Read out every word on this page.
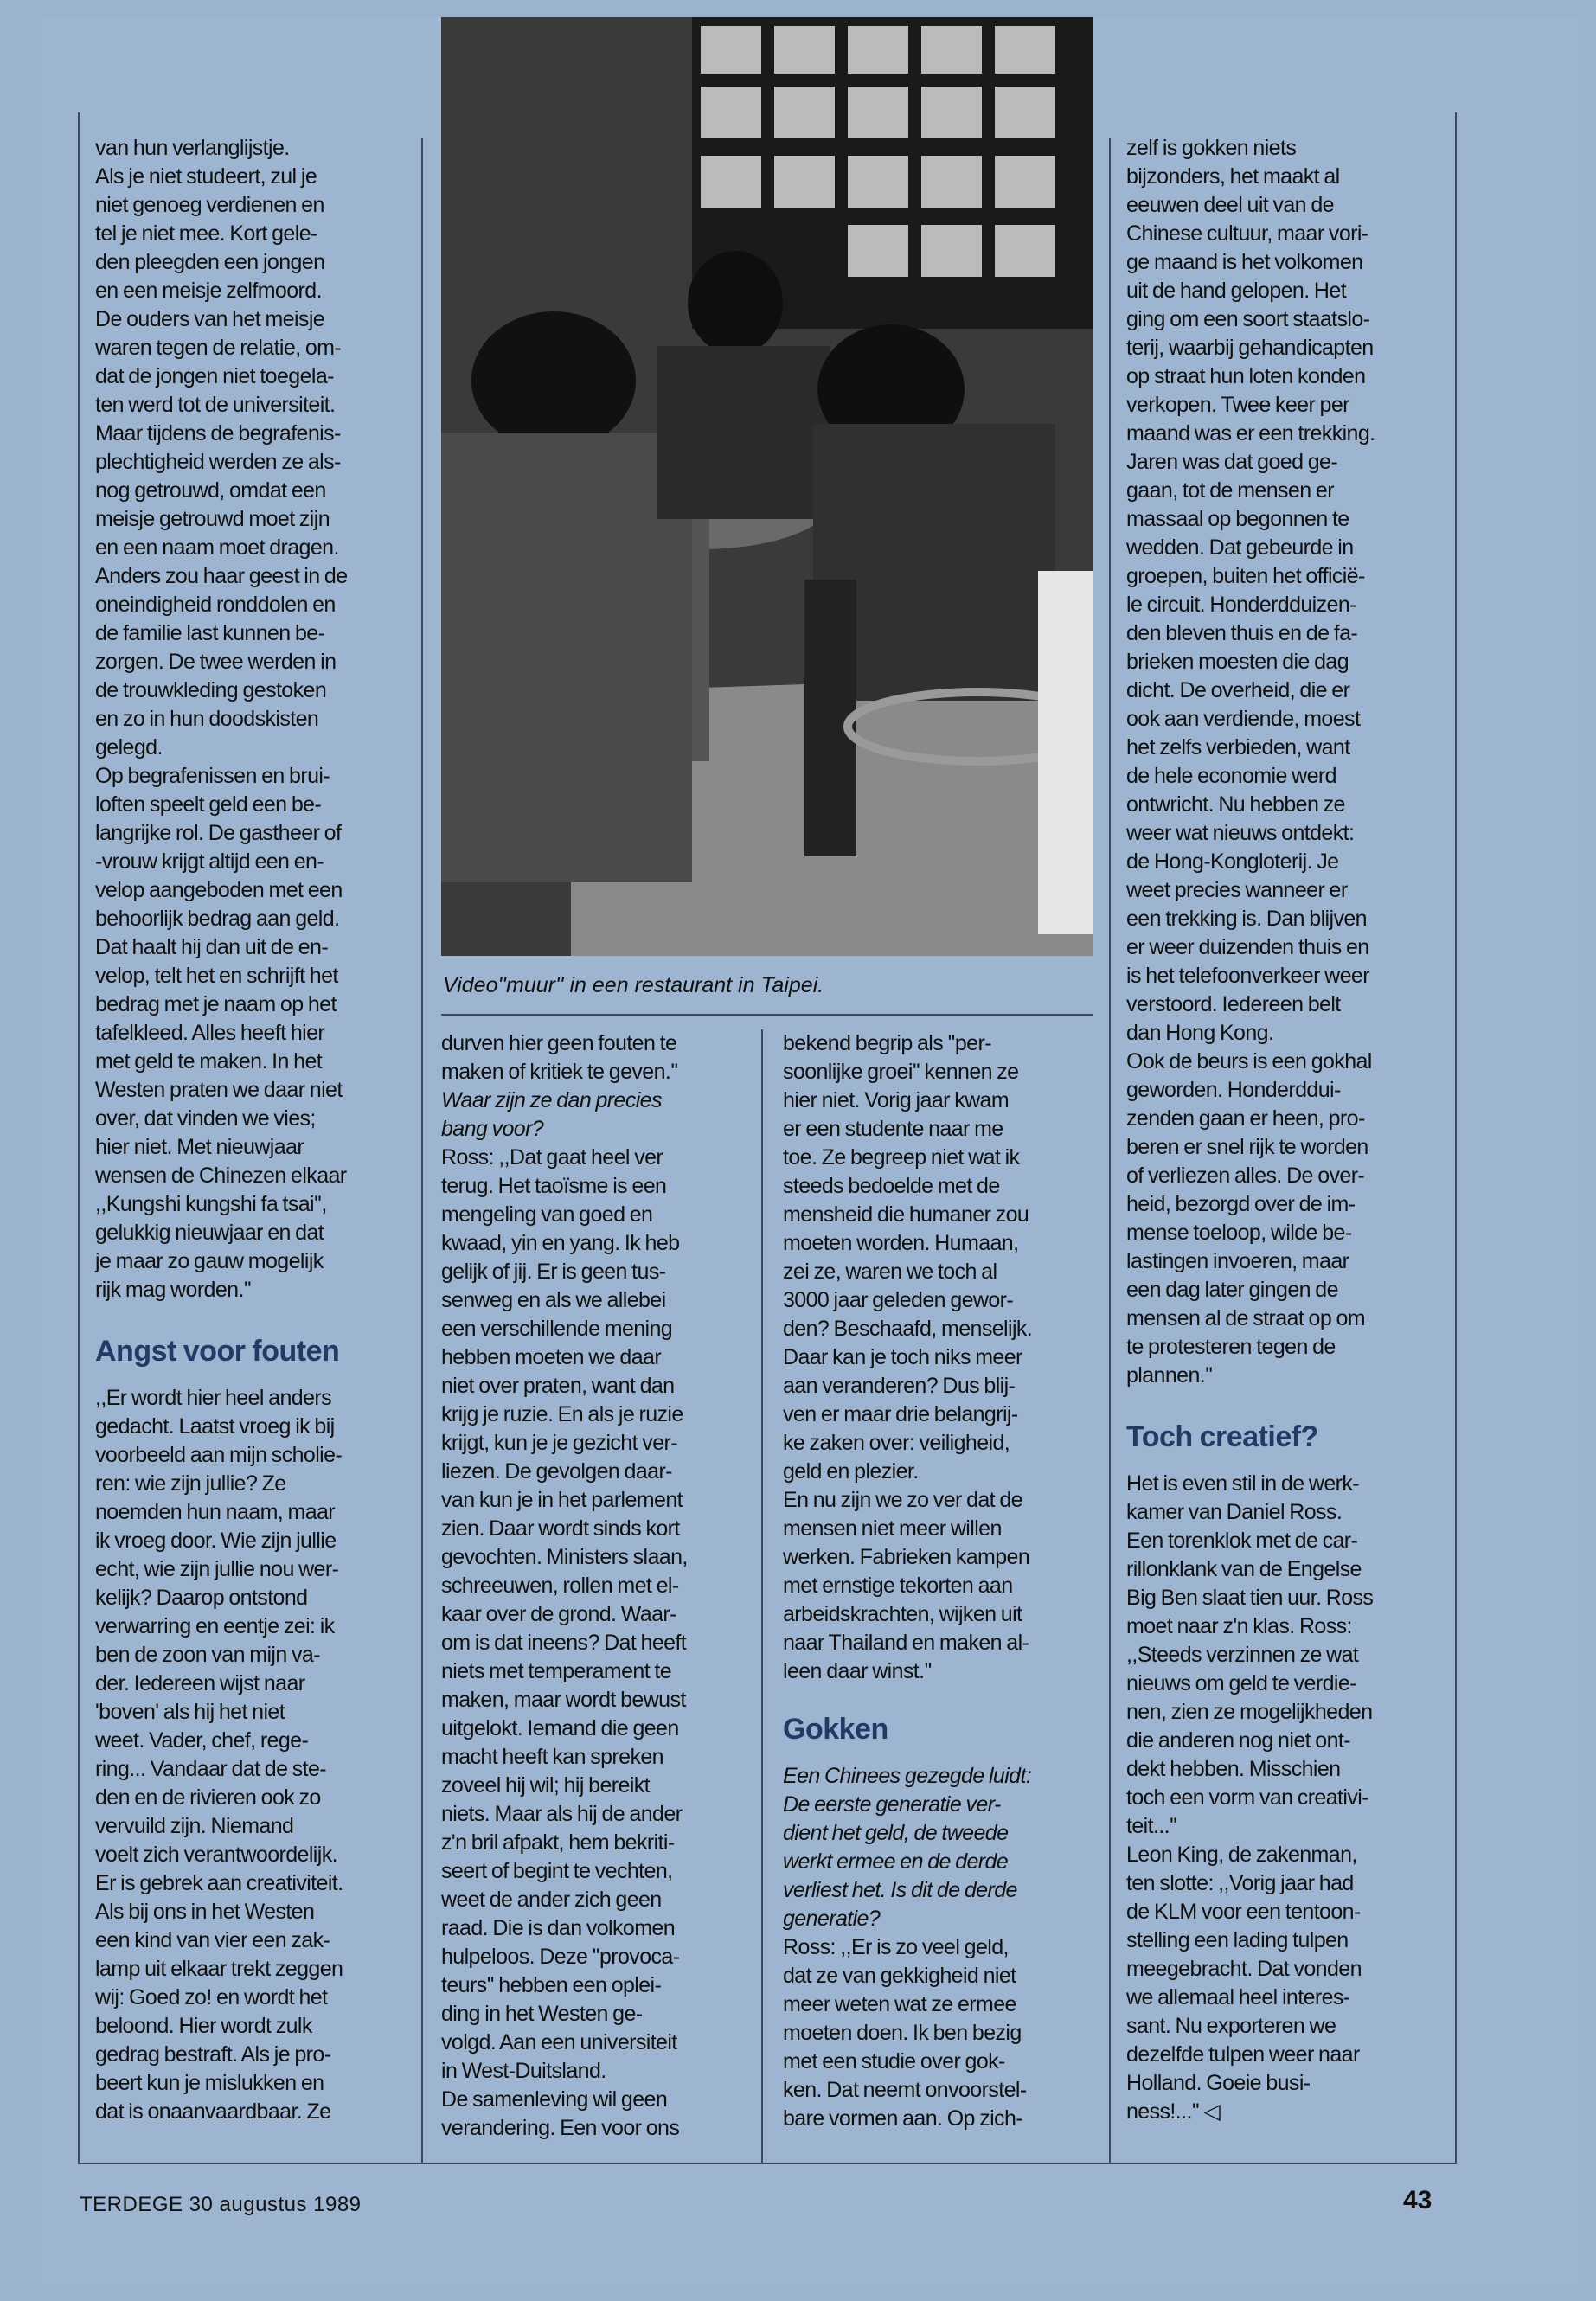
Video''muur'' in een restaurant in Taipei.

van hun verlanglijstje.

Als je niet studeert, zul je

niet genoeg verdienen en

tel je niet mee. Kort gele-

den pleegden een jongen

en een meisje zelfmoord.

De ouders van het meisje

waren tegen de relatie, om-

dat de jongen niet toegela-

ten werd tot de universiteit.

Maar tijdens de begrafenis-

plechtigheid werden ze als-

nog getrouwd, omdat een

meisje getrouwd moet zijn

en een naam moet dragen.

Anders zou haar geest in de

oneindigheid ronddolen en

de familie last kunnen be-

zorgen. De twee werden in

de trouwkleding gestoken

en zo in hun doodskisten

gelegd.

Op begrafenissen en brui-

loften speelt geld een be-

langrijke rol. De gastheer of

-vrouw krijgt altijd een en-

velop aangeboden met een

behoorlijk bedrag aan geld.

Dat haalt hij dan uit de en-

velop, telt het en schrijft het

bedrag met je naam op het

tafelkleed. Alles heeft hier

met geld te maken. In het

Westen praten we daar niet

over, dat vinden we vies;

hier niet. Met nieuwjaar

wensen de Chinezen elkaar

,,Kungshi kungshi fa tsai'',

gelukkig nieuwjaar en dat

je maar zo gauw mogelijk

rijk mag worden.''

Angst voor fouten

,,Er wordt hier heel anders

gedacht. Laatst vroeg ik bij

voorbeeld aan mijn scholie-

ren: wie zijn jullie? Ze

noemden hun naam, maar

ik vroeg door. Wie zijn jullie

echt, wie zijn jullie nou wer-

kelijk? Daarop ontstond

verwarring en eentje zei: ik

ben de zoon van mijn va-

der. Iedereen wijst naar

'boven' als hij het niet

weet. Vader, chef, rege-

ring... Vandaar dat de ste-

den en de rivieren ook zo

vervuild zijn. Niemand

voelt zich verantwoordelijk.

Er is gebrek aan creativiteit.

Als bij ons in het Westen

een kind van vier een zak-

lamp uit elkaar trekt zeggen

wij: Goed zo! en wordt het

beloond. Hier wordt zulk

gedrag bestraft. Als je pro-

beert kun je mislukken en

dat is onaanvaardbaar. Ze

durven hier geen fouten te

maken of kritiek te geven.''

Waar zijn ze dan precies

bang voor?

Ross: ,,Dat gaat heel ver

terug. Het taoïsme is een

mengeling van goed en

kwaad, yin en yang. Ik heb

gelijk of jij. Er is geen tus-

senweg en als we allebei

een verschillende mening

hebben moeten we daar

niet over praten, want dan

krijg je ruzie. En als je ruzie

krijgt, kun je je gezicht ver-

liezen. De gevolgen daar-

van kun je in het parlement

zien. Daar wordt sinds kort

gevochten. Ministers slaan,

schreeuwen, rollen met el-

kaar over de grond. Waar-

om is dat ineens? Dat heeft

niets met temperament te

maken, maar wordt bewust

uitgelokt. Iemand die geen

macht heeft kan spreken

zoveel hij wil; hij bereikt

niets. Maar als hij de ander

z'n bril afpakt, hem bekriti-

seert of begint te vechten,

weet de ander zich geen

raad. Die is dan volkomen

hulpeloos. Deze ''provoca-

teurs'' hebben een oplei-

ding in het Westen ge-

volgd. Aan een universiteit

in West-Duitsland.

De samenleving wil geen

verandering. Een voor ons

bekend begrip als ''per-

soonlijke groei'' kennen ze

hier niet. Vorig jaar kwam

er een studente naar me

toe. Ze begreep niet wat ik

steeds bedoelde met de

mensheid die humaner zou

moeten worden. Humaan,

zei ze, waren we toch al

3000 jaar geleden gewor-

den? Beschaafd, menselijk.

Daar kan je toch niks meer

aan veranderen? Dus blij-

ven er maar drie belangrij-

ke zaken over: veiligheid,

geld en plezier.

En nu zijn we zo ver dat de

mensen niet meer willen

werken. Fabrieken kampen

met ernstige tekorten aan

arbeidskrachten, wijken uit

naar Thailand en maken al-

leen daar winst.''

Gokken

Een Chinees gezegde luidt:

De eerste generatie ver-

dient het geld, de tweede

werkt ermee en de derde

verliest het. Is dit de derde

generatie?

Ross: ,,Er is zo veel geld,

dat ze van gekkigheid niet

meer weten wat ze ermee

moeten doen. Ik ben bezig

met een studie over gok-

ken. Dat neemt onvoorstel-

bare vormen aan. Op zich-

zelf is gokken niets

bijzonders, het maakt al

eeuwen deel uit van de

Chinese cultuur, maar vori-

ge maand is het volkomen

uit de hand gelopen. Het

ging om een soort staatslo-

terij, waarbij gehandicapten

op straat hun loten konden

verkopen. Twee keer per

maand was er een trekking.

Jaren was dat goed ge-

gaan, tot de mensen er

massaal op begonnen te

wedden. Dat gebeurde in

groepen, buiten het officië-

le circuit. Honderdduizen-

den bleven thuis en de fa-

brieken moesten die dag

dicht. De overheid, die er

ook aan verdiende, moest

het zelfs verbieden, want

de hele economie werd

ontwricht. Nu hebben ze

weer wat nieuws ontdekt:

de Hong-Kongloterij. Je

weet precies wanneer er

een trekking is. Dan blijven

er weer duizenden thuis en

is het telefoonverkeer weer

verstoord. Iedereen belt

dan Hong Kong.

Ook de beurs is een gokhal

geworden. Honderddui-

zenden gaan er heen, pro-

beren er snel rijk te worden

of verliezen alles. De over-

heid, bezorgd over de im-

mense toeloop, wilde be-

lastingen invoeren, maar

een dag later gingen de

mensen al de straat op om

te protesteren tegen de

plannen.''

Toch creatief?

Het is even stil in de werk-

kamer van Daniel Ross.

Een torenklok met de car-

rillonklank van de Engelse

Big Ben slaat tien uur. Ross

moet naar z'n klas. Ross:

,,Steeds verzinnen ze wat

nieuws om geld te verdie-

nen, zien ze mogelijkheden

die anderen nog niet ont-

dekt hebben. Misschien

toch een vorm van creativi-

teit...''

Leon King, de zakenman,

ten slotte: ,,Vorig jaar had

de KLM voor een tentoon-

stelling een lading tulpen

meegebracht. Dat vonden

we allemaal heel interes-

sant. Nu exporteren we

dezelfde tulpen weer naar

Holland. Goeie busi-

ness!...'' ◁

TERDEGE 30 augustus 1989	43
